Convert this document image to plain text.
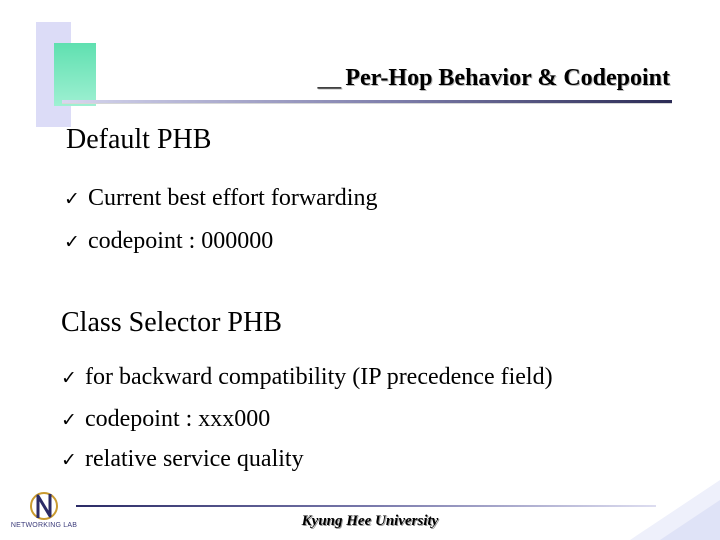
⸏ Per-Hop Behavior & Codepoint
Default PHB
✓ Current best effort forwarding
✓ codepoint : 000000
Class Selector PHB
✓ for backward compatibility (IP precedence field)
✓ codepoint : xxx000
✓ relative service quality
NETWORKING LAB	Kyung Hee University
